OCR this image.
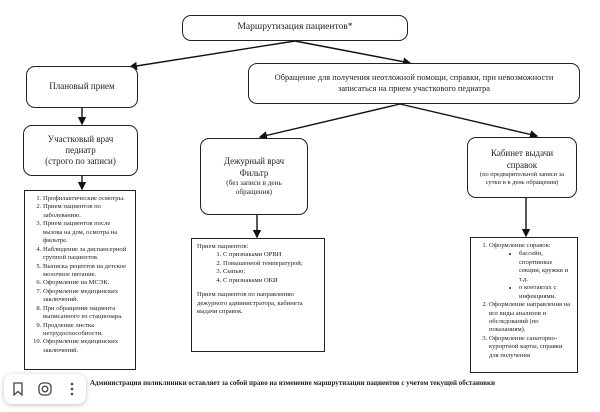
Маршрутизация пациентов*
Плановый прием
Обращение для получения неотложной помощи, справки, при невозможности записаться на прием участкового педиатра
Участковый врач
педиатр
(строго по записи)
1. Профилактические осмотры.
2. Прием пациентов по заболеванию.
3. Прием пациентов после вызова на дом, осмотра на фильтре.
4. Наблюдение за диспансерной группой пациентов.
5. Выписка рецептов на детское молочное питание.
6. Оформление на МСЭК.
7. Оформление медицинских заключений.
8. При обращении пациента выписанного из стационара.
9. Продление листка нетрудоспособности.
10. Оформление медицинских заключений.
Дежурный врач
Фильтр
(без записи в день обращения)
Прием пациентов:
1. С признаками ОРВИ
2. Повышенной температурой;
3. Сыпью;
4. С признаками ОКИ
Прием пациентов по направлению дежурного администратора, кабинета выдачи справок.
Кабинет выдачи
справок
(по предварительной записи за сутки и в день обращения)
1. Оформление справок:
• бассейн, спортивные секции, кружки и т.д.
• о контактах с инфекциями.
2. Оформление направления на все виды анализов и обследований (по показаниям).
3. Оформление санаторно-курортной карты, справки для получения
Администрация поликлиники оставляет за собой право на изменение маршрутизации пациентов с учетом текущей обстановки
